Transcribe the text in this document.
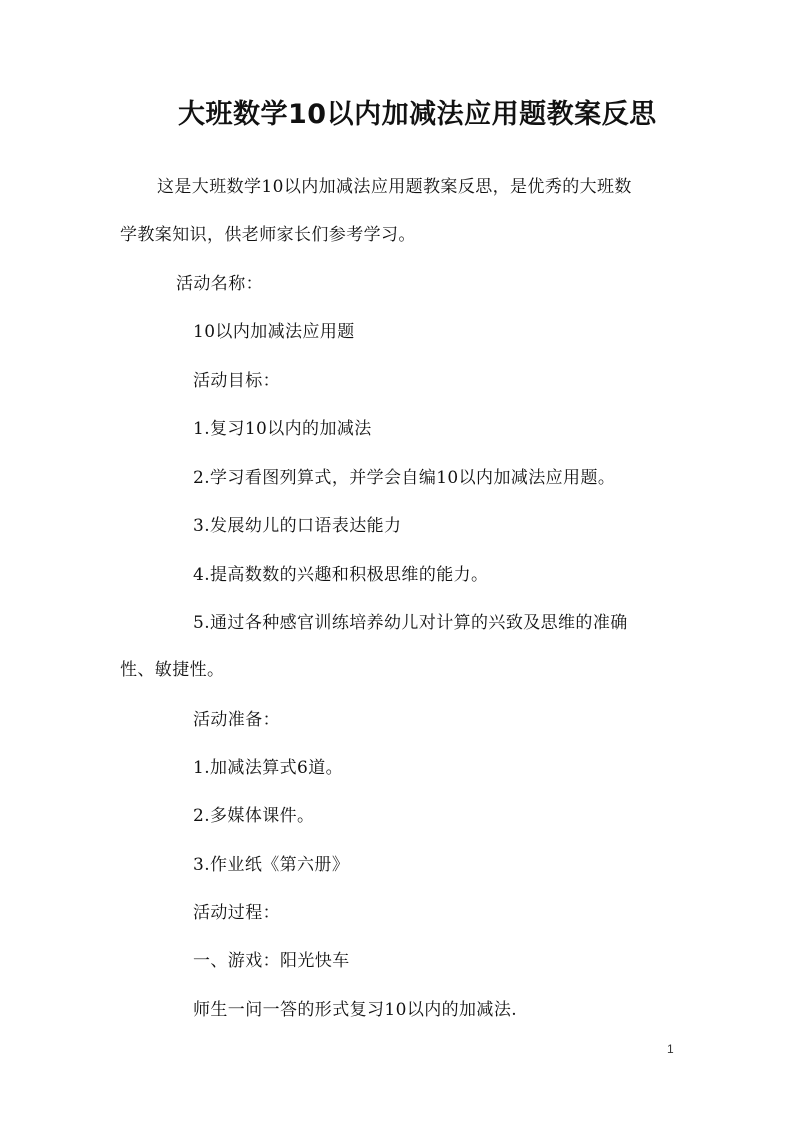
大班数学10以内加减法应用题教案反思
这是大班数学10以内加减法应用题教案反思，是优秀的大班数
学教案知识，供老师家长们参考学习。
活动名称：
10以内加减法应用题
活动目标：
1.复习10以内的加减法
2.学习看图列算式，并学会自编10以内加减法应用题。
3.发展幼儿的口语表达能力
4.提高数数的兴趣和积极思维的能力。
5.通过各种感官训练培养幼儿对计算的兴致及思维的准确
性、敏捷性。
活动准备：
1.加减法算式6道。
2.多媒体课件。
3.作业纸《第六册》
活动过程：
一、游戏：阳光快车
师生一问一答的形式复习10以内的加减法.
1
